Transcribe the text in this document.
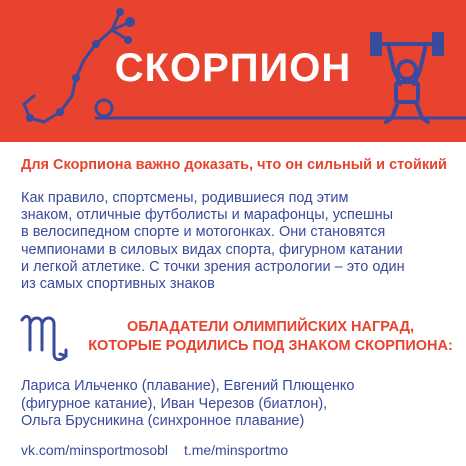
СКОРПИОН
Для Скорпиона важно доказать, что он сильный и стойкий
Как правило, спортсмены, родившиеся под этим
знаком, отличные футболисты и марафонцы, успешны
в велосипедном спорте и мотогонках. Они становятся
чемпионами в силовых видах спорта, фигурном катании
и легкой атлетике. С точки зрения астрологии – это один
из самых спортивных знаков
ОБЛАДАТЕЛИ ОЛИМПИЙСКИХ НАГРАД,
КОТОРЫЕ РОДИЛИСЬ ПОД ЗНАКОМ СКОРПИОНА:
Лариса Ильченко (плавание), Евгений Плющенко
(фигурное катание), Иван Черезов (биатлон),
Ольга Брусникина (синхронное плавание)
vk.com/minsportmosobl t.me/minsportmo
